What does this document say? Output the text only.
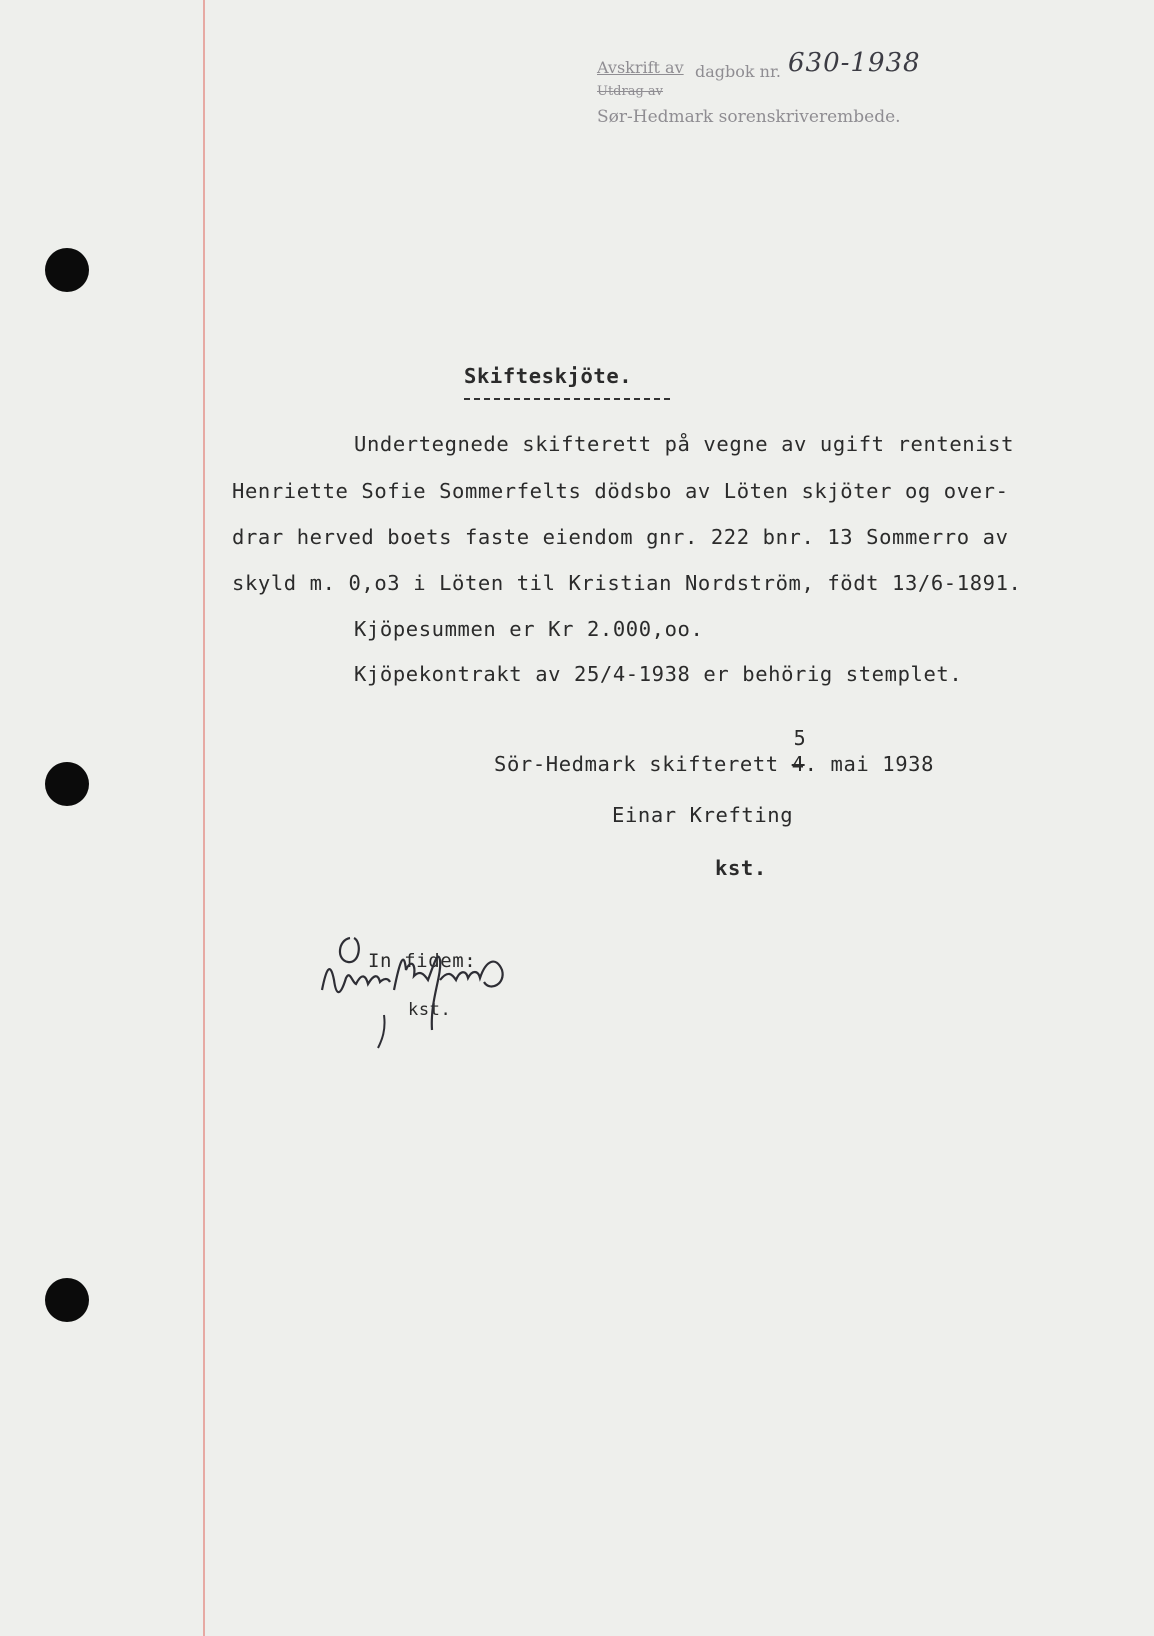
Avskrift av dagbok nr. 630-1938
Utdrag av
Sør-Hedmark sorenskriverembede.
Skifteskjöte.
Undertegnede skifterett på vegne av ugift rentenist
Henriette Sofie Sommerfelts dödsbo av Löten skjöter og over-
drar herved boets faste eiendom gnr. 222 bnr. 13 Sommerro av
skyld m. 0,o3 i Löten til Kristian Nordström, födt 13/6-1891.
Kjöpesummen er Kr 2.000,oo.
Kjöpekontrakt av 25/4-1938 er behörig stemplet.
Sör-Hedmark skifterett 4
5
. mai 1938
Einar Krefting
kst.
In fidem:
kst.
